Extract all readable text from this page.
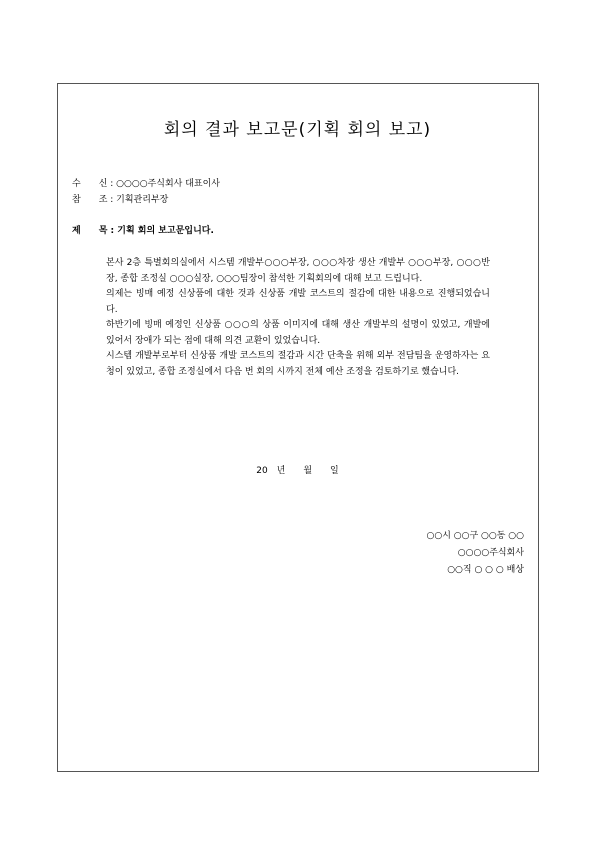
회의 결과 보고문(기획 회의 보고)
수　　신 : ○○○○주식회사 대표이사
참　　조 : 기획관리부장
제　　목 : 기획 회의 보고문입니다.

본사 2층 특별회의실에서 시스템 개발부○○○부장, ○○○차장 생산 개발부 ○○○부장, ○○○반장, 종합 조정실 ○○○실장, ○○○팀장이 참석한 기획회의에 대해 보고 드립니다.

의제는 빙매 예정 신상품에 대한 것과 신상품 개발 코스트의 절감에 대한 내용으로 진행되었습니다.

하반기에 빙매 예정인 신상품 ○○○의 상품 이미지에 대해 생산 개발부의 설명이 있었고, 개발에 있어서 장애가 되는 점에 대해 의견 교환이 있었습니다.

시스템 개발부로부터 신상품 개발 코스트의 절감과 시간 단축을 위해 외부 전담팀을 운영하자는 요청이 있었고, 종합 조정실에서 다음 번 회의 시까지 전체 예산 조정을 검토하기로 했습니다.

20　년　　월　　일
○○시 ○○구 ○○동 ○○
○○○○주식회사
○○직 ○ ○ ○ 배상
